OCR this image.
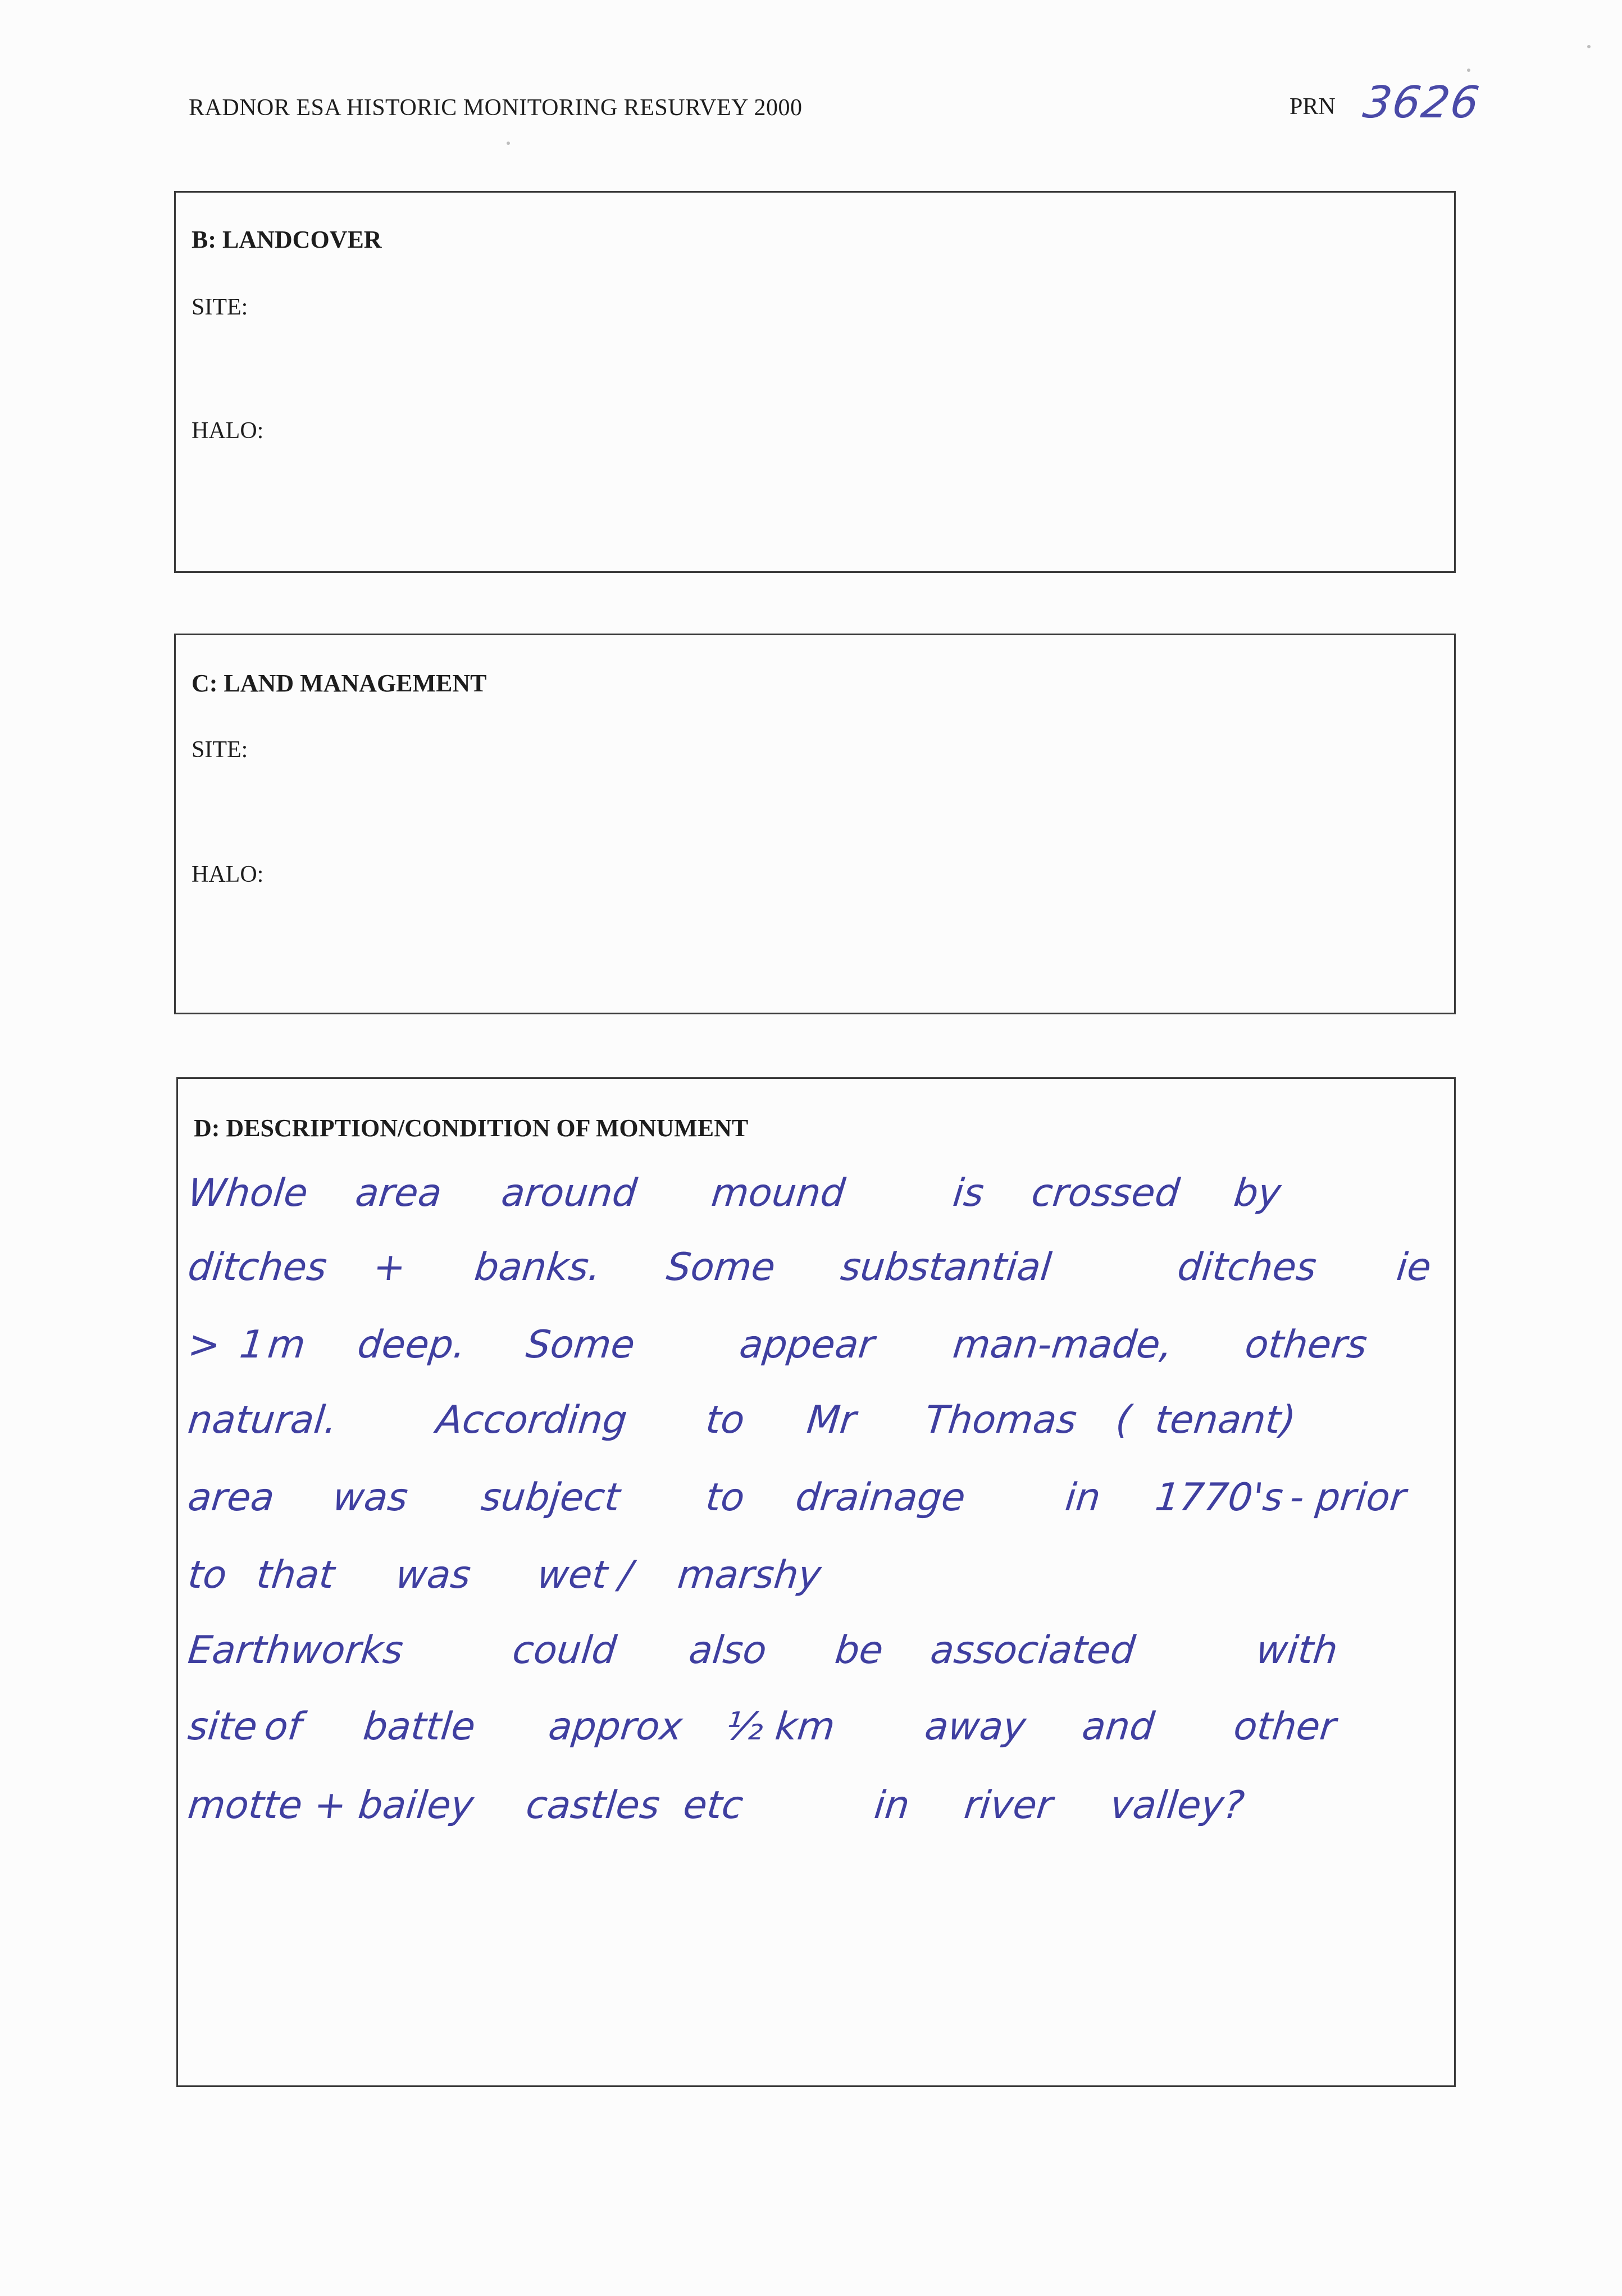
RADNOR ESA HISTORIC MONITORING RESURVEY 2000	PRN 3626
B: LANDCOVER
SITE:
HALO:
C: LAND MANAGEMENT
SITE:
HALO:
D: DESCRIPTION/CONDITION OF MONUMENT
Whole area around mound	is crossed by
ditches + banks. Some substantial	ditches ie
> 1
m deep. Some	appear man-made, others
natural. According to Mr Thomas ( tenant)
area was subject to drainage	in 1770's - prior
to that was wet / marshy
Earthworks	could also be associated	with
site of battle approx ½ km away and other
motte + bailey castles etc	in river valley?
